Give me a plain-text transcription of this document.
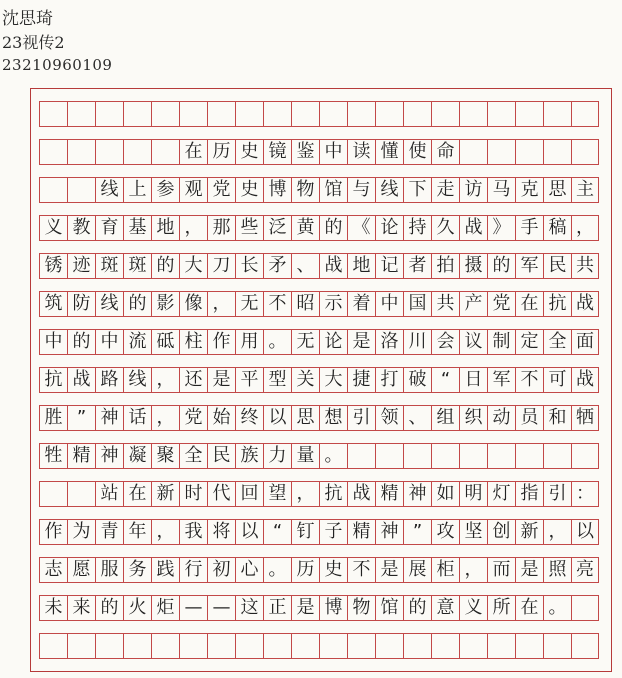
沈思琦
23视传2
23210960109
在 历 史 镜 鉴 中 读 懂 使 命
线 上 参 观 党 史 博 物 馆 与 线 下 走 访 马 克 思 主
义 教 育 基 地 ， 那 些 泛 黄 的 《 论 持 久 战 》 手 稿 ，
锈 迹 斑 斑 的 大 刀 长 矛 、 战 地 记 者 拍 摄 的 军 民 共
筑 防 线 的 影 像 ， 无 不 昭 示 着 中 国 共 产 党 在 抗 战
中 的 中 流 砥 柱 作 用 。 无 论 是 洛 川 会 议 制 定 全 面
抗 战 路 线 ， 还 是 平 型 关 大 捷 打 破 “ 日 军 不 可 战
胜 ” 神 话 ， 党 始 终 以 思 想 引 领 、 组 织 动 员 和 牺
牲 精 神 凝 聚 全 民 族 力 量 。
站 在 新 时 代 回 望 ， 抗 战 精 神 如 明 灯 指 引 ：
作 为 青 年 ， 我 将 以 “ 钉 子 精 神 ” 攻 坚 创 新 ， 以
志 愿 服 务 践 行 初 心 。 历 史 不 是 展 柜 ， 而 是 照 亮
未 来 的 火 炬 — — 这 正 是 博 物 馆 的 意 义 所 在 。
